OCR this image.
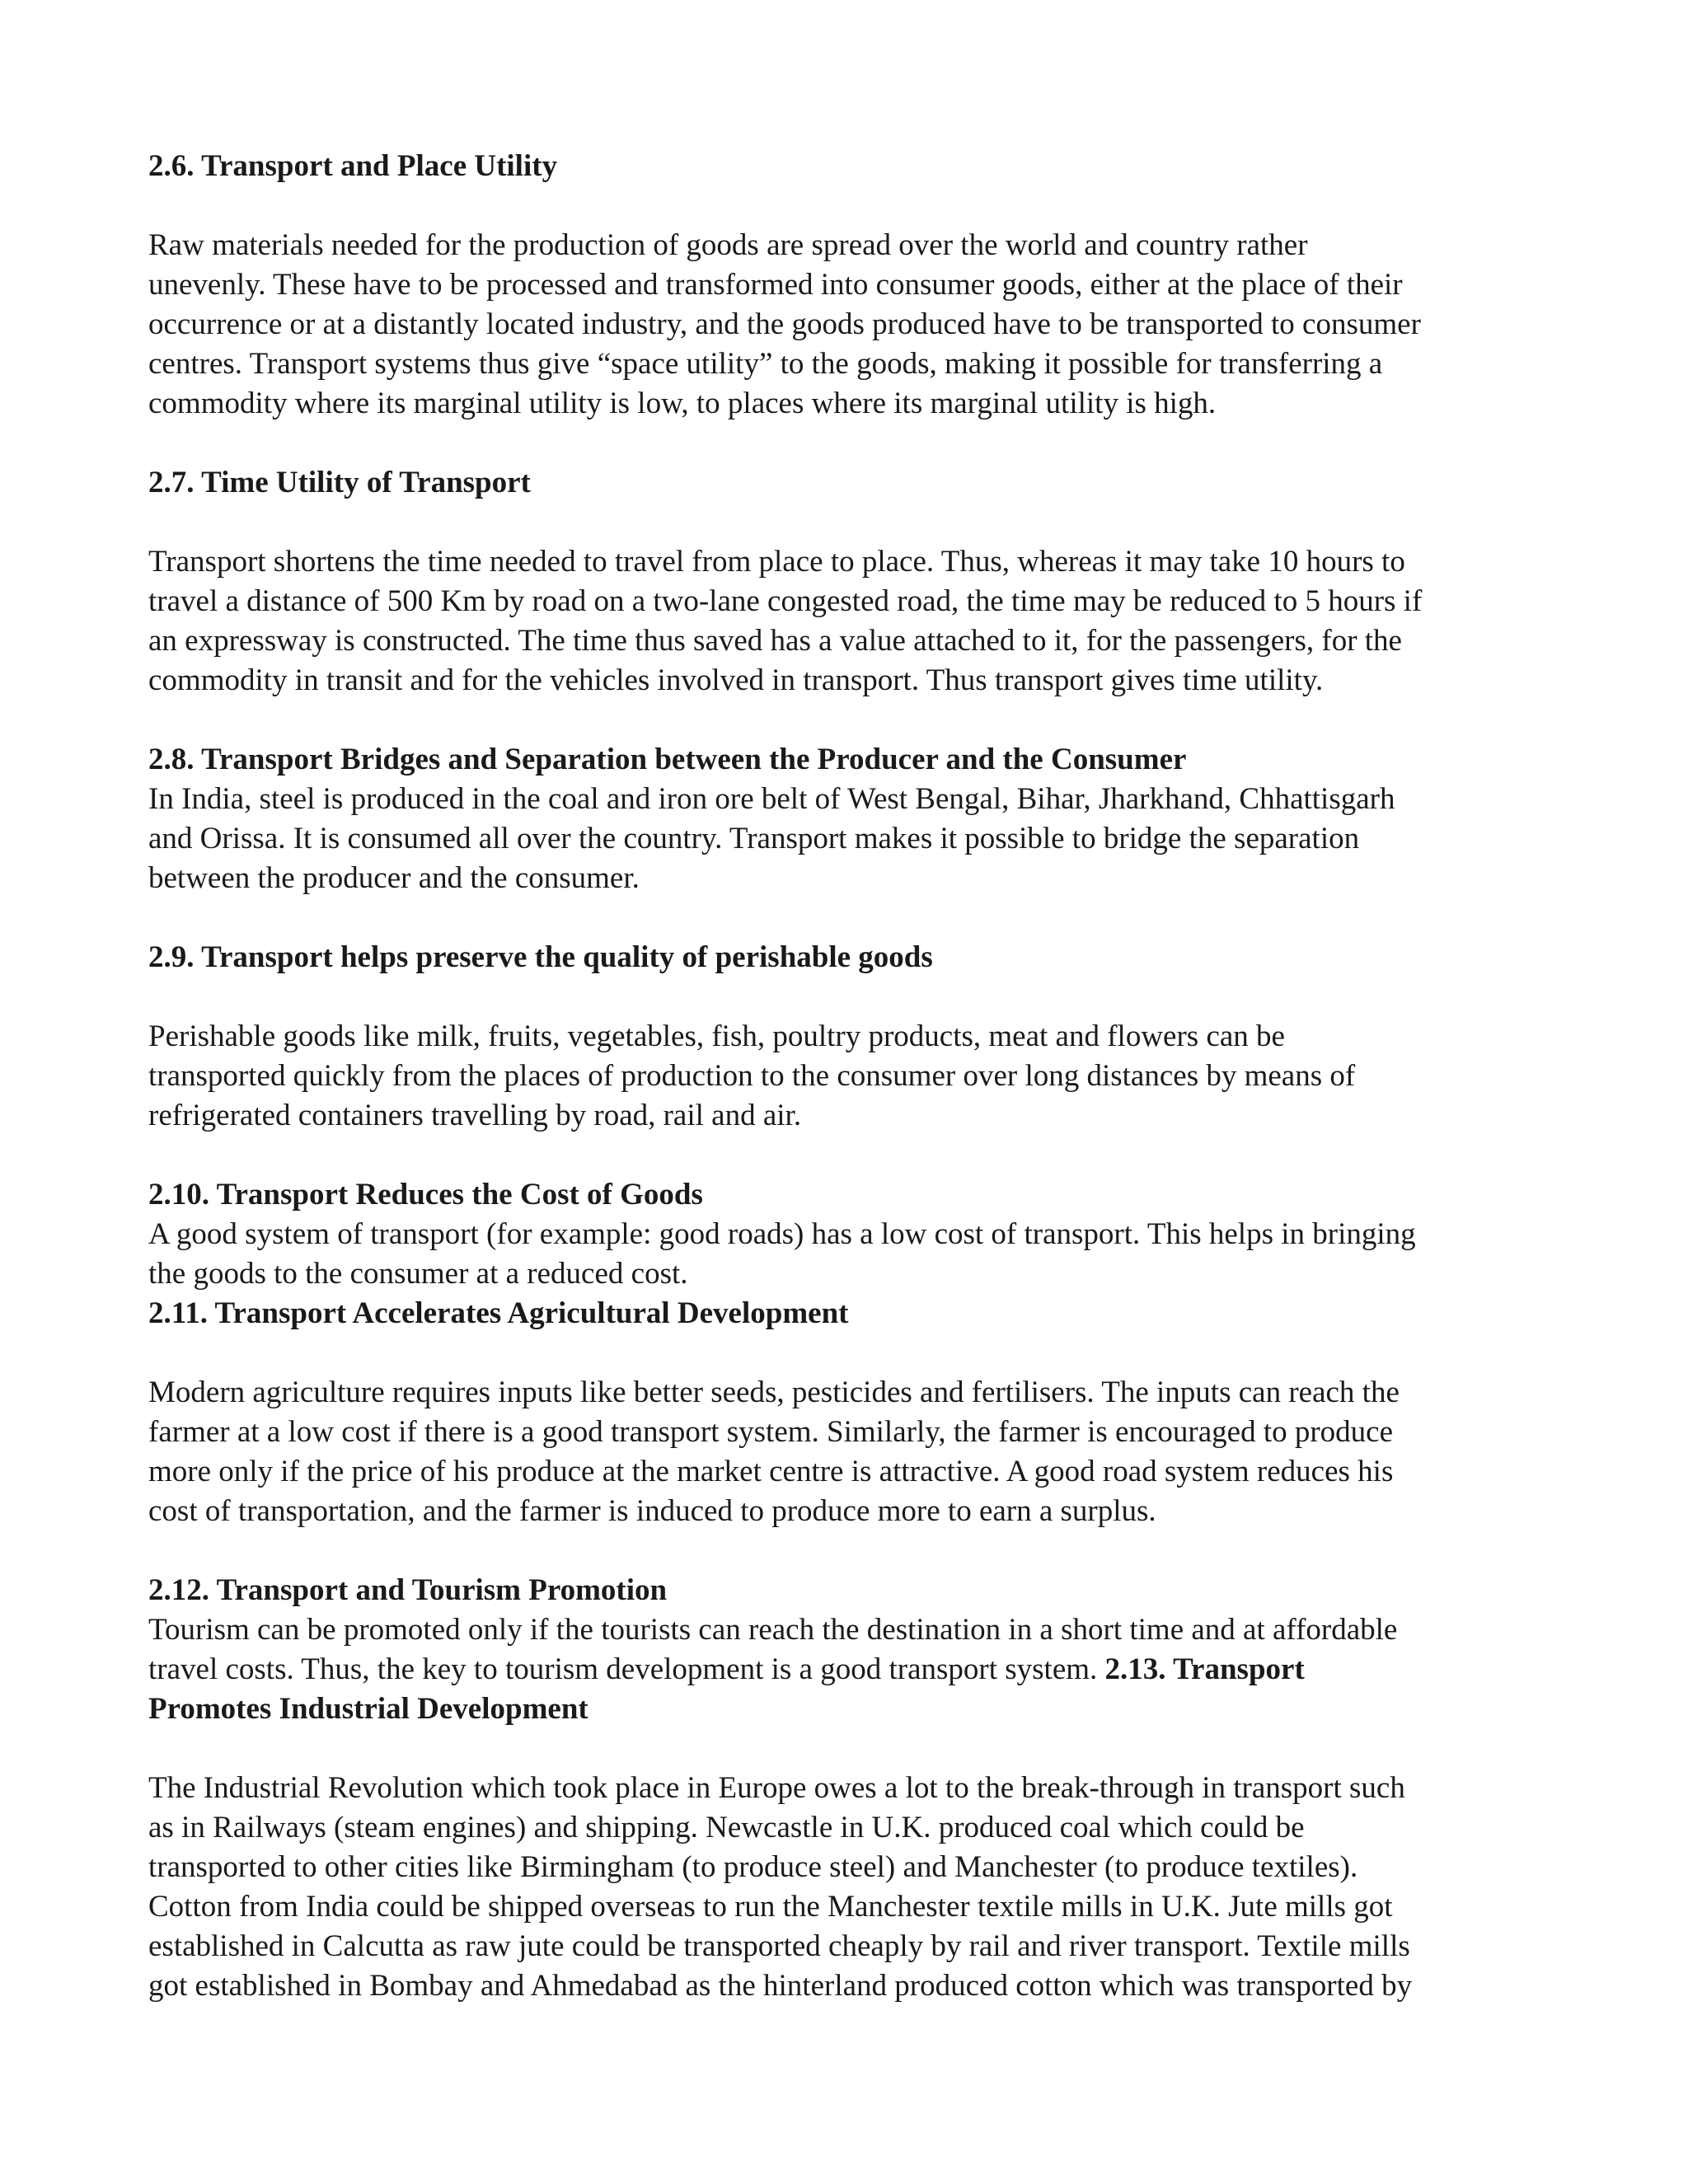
2.6. Transport and Place Utility
Raw materials needed for the production of goods are spread over the world and country rather
unevenly. These have to be processed and transformed into consumer goods, either at the place of their
occurrence or at a distantly located industry, and the goods produced have to be transported to consumer
centres. Transport systems thus give “space utility” to the goods, making it possible for transferring a
commodity where its marginal utility is low, to places where its marginal utility is high.
2.7. Time Utility of Transport
Transport shortens the time needed to travel from place to place. Thus, whereas it may take 10 hours to
travel a distance of 500 Km by road on a two-lane congested road, the time may be reduced to 5 hours if
an expressway is constructed. The time thus saved has a value attached to it, for the passengers, for the
commodity in transit and for the vehicles involved in transport. Thus transport gives time utility.
2.8. Transport Bridges and Separation between the Producer and the Consumer
In India, steel is produced in the coal and iron ore belt of West Bengal, Bihar, Jharkhand, Chhattisgarh
and Orissa. It is consumed all over the country. Transport makes it possible to bridge the separation
between the producer and the consumer.
2.9. Transport helps preserve the quality of perishable goods
Perishable goods like milk, fruits, vegetables, fish, poultry products, meat and flowers can be
transported quickly from the places of production to the consumer over long distances by means of
refrigerated containers travelling by road, rail and air.
2.10. Transport Reduces the Cost of Goods
A good system of transport (for example: good roads) has a low cost of transport. This helps in bringing
the goods to the consumer at a reduced cost.
2.11. Transport Accelerates Agricultural Development
Modern agriculture requires inputs like better seeds, pesticides and fertilisers. The inputs can reach the
farmer at a low cost if there is a good transport system. Similarly, the farmer is encouraged to produce
more only if the price of his produce at the market centre is attractive. A good road system reduces his
cost of transportation, and the farmer is induced to produce more to earn a surplus.
2.12. Transport and Tourism Promotion
Tourism can be promoted only if the tourists can reach the destination in a short time and at affordable
travel costs. Thus, the key to tourism development is a good transport system. 2.13. Transport
Promotes Industrial Development
The Industrial Revolution which took place in Europe owes a lot to the break-through in transport such
as in Railways (steam engines) and shipping. Newcastle in U.K. produced coal which could be
transported to other cities like Birmingham (to produce steel) and Manchester (to produce textiles).
Cotton from India could be shipped overseas to run the Manchester textile mills in U.K. Jute mills got
established in Calcutta as raw jute could be transported cheaply by rail and river transport. Textile mills
got established in Bombay and Ahmedabad as the hinterland produced cotton which was transported by
